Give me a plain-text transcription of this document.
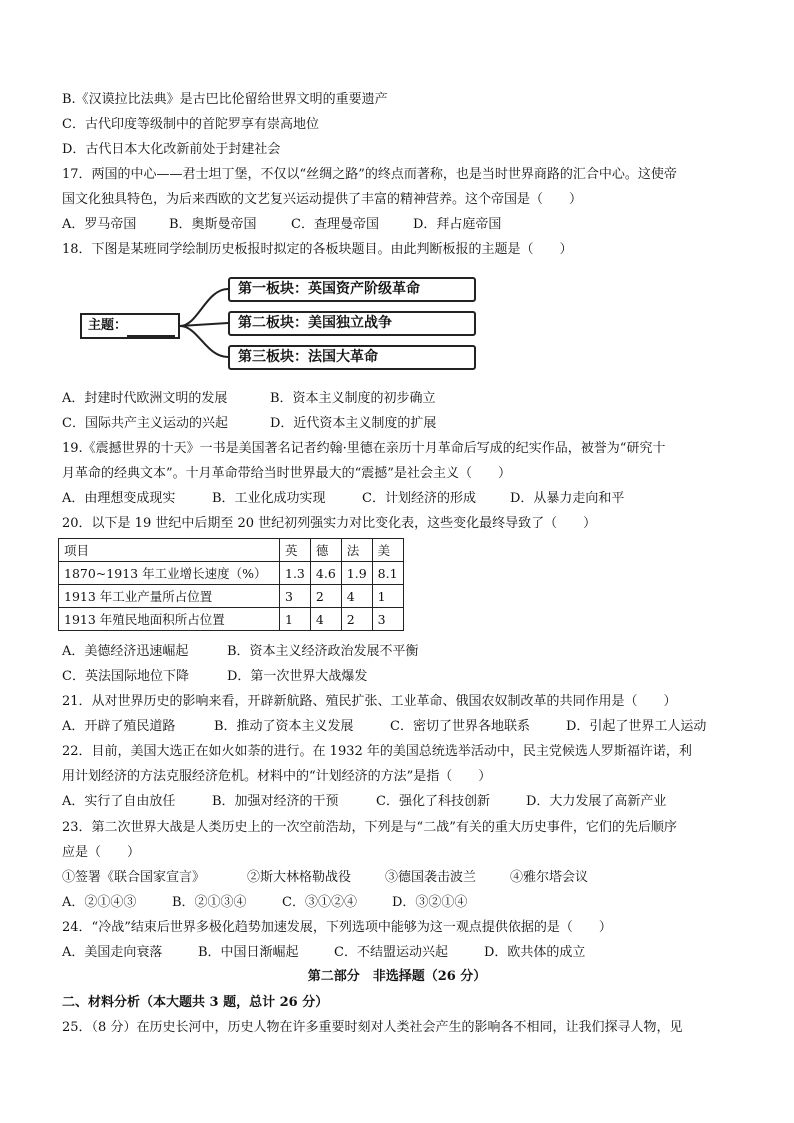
B.《汉谟拉比法典》是古巴比伦留给世界文明的重要遗产
C．古代印度等级制中的首陀罗享有崇高地位
D．古代日本大化改新前处于封建社会
17．两国的中心——君士坦丁堡，不仅以“丝绸之路”的终点而著称，也是当时世界商路的汇合中心。这使帝
国文化独具特色，为后来西欧的文艺复兴运动提供了丰富的精神营养。这个帝国是（　　）
A．罗马帝国	B．奥斯曼帝国	C．查理曼帝国	D．拜占庭帝国
18．下图是某班同学绘制历史板报时拟定的各板块题目。由此判断板报的主题是（　　）
主题：
第一板块：英国资产阶级革命
第二板块：美国独立战争
第三板块：法国大革命
A．封建时代欧洲文明的发展	B．资本主义制度的初步确立
C．国际共产主义运动的兴起	D．近代资本主义制度的扩展
19.《震撼世界的十天》一书是美国著名记者约翰·里德在亲历十月革命后写成的纪实作品，被誉为“研究十
月革命的经典文本”。十月革命带给当时世界最大的“震撼”是社会主义（　　）
A．由理想变成现实	B．工业化成功实现	C．计划经济的形成	D．从暴力走向和平
20．以下是 19 世纪中后期至 20 世纪初列强实力对比变化表，这些变化最终导致了（　　）
项目	英	德	法	美
1870~1913 年工业增长速度（%）	1.3	4.6	1.9	8.1
1913 年工业产量所占位置	3	2	4	1
1913 年殖民地面积所占位置	1	4	2	3
A．美德经济迅速崛起	B．资本主义经济政治发展不平衡
C．英法国际地位下降	D．第一次世界大战爆发
21．从对世界历史的影响来看，开辟新航路、殖民扩张、工业革命、俄国农奴制改革的共同作用是（　　）
A．开辟了殖民道路	B．推动了资本主义发展	C．密切了世界各地联系	D．引起了世界工人运动
22．目前，美国大选正在如火如荼的进行。在 1932 年的美国总统选举活动中，民主党候选人罗斯福许诺，利
用计划经济的方法克服经济危机。材料中的“计划经济的方法”是指（　　）
A．实行了自由放任	B．加强对经济的干预	C．强化了科技创新	D．大力发展了高新产业
23．第二次世界大战是人类历史上的一次空前浩劫，下列是与“二战”有关的重大历史事件，它们的先后顺序
应是（　　）
①签署《联合国家宣言》	②斯大林格勒战役	③德国袭击波兰	④雅尔塔会议
A．②①④③	B．②①③④	C．③①②④	D．③②①④
24．“冷战”结束后世界多极化趋势加速发展，下列选项中能够为这一观点提供依据的是（　　）
A．美国走向衰落	B．中国日渐崛起	C．不结盟运动兴起	D．欧共体的成立
第二部分　非选择题（26 分）
二、材料分析（本大题共 3 题，总计 26 分）
25．（8 分）在历史长河中，历史人物在许多重要时刻对人类社会产生的影响各不相同，让我们探寻人物，见
